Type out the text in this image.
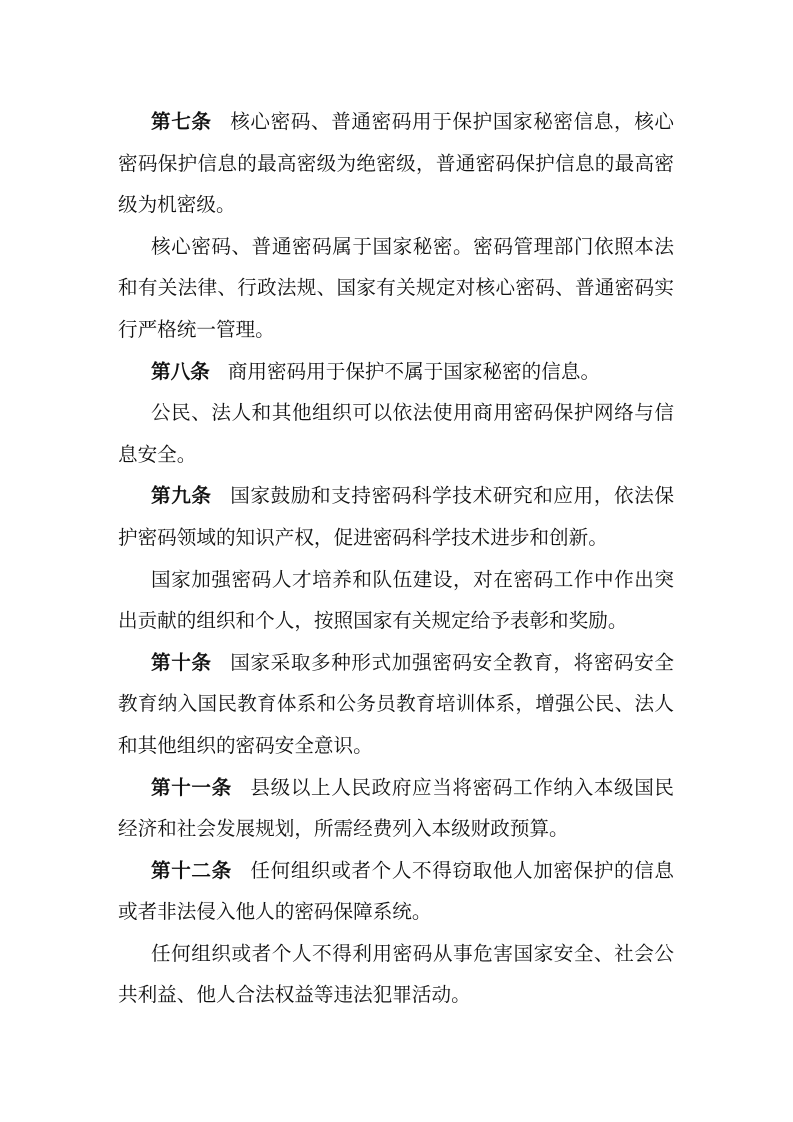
第七条 核心密码、普通密码用于保护国家秘密信息，核心密码保护信息的最高密级为绝密级，普通密码保护信息的最高密级为机密级。

核心密码、普通密码属于国家秘密。密码管理部门依照本法和有关法律、行政法规、国家有关规定对核心密码、普通密码实行严格统一管理。

第八条 商用密码用于保护不属于国家秘密的信息。

公民、法人和其他组织可以依法使用商用密码保护网络与信息安全。

第九条 国家鼓励和支持密码科学技术研究和应用，依法保护密码领域的知识产权，促进密码科学技术进步和创新。

国家加强密码人才培养和队伍建设，对在密码工作中作出突出贡献的组织和个人，按照国家有关规定给予表彰和奖励。

第十条 国家采取多种形式加强密码安全教育，将密码安全教育纳入国民教育体系和公务员教育培训体系，增强公民、法人和其他组织的密码安全意识。

第十一条 县级以上人民政府应当将密码工作纳入本级国民经济和社会发展规划，所需经费列入本级财政预算。

第十二条 任何组织或者个人不得窃取他人加密保护的信息或者非法侵入他人的密码保障系统。

任何组织或者个人不得利用密码从事危害国家安全、社会公共利益、他人合法权益等违法犯罪活动。
